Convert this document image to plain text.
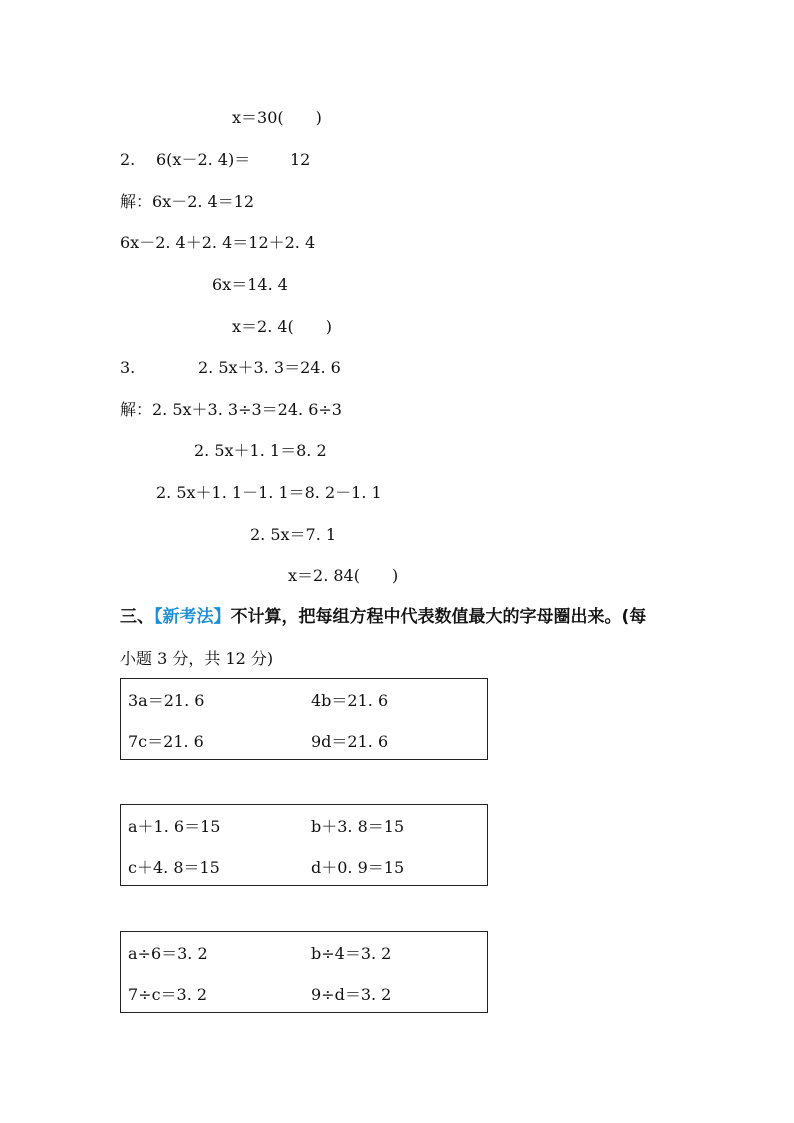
x＝30(　　)
2. 6(x－2. 4)＝ 12
解：6x－2. 4＝12
6x－2. 4＋2. 4＝12＋2. 4
6x＝14. 4
x＝2. 4(　　)
3.	2. 5x＋3. 3＝24. 6
解：2. 5x＋3. 3÷3＝24. 6÷3
2. 5x＋1. 1＝8. 2
2. 5x＋1. 1－1. 1＝8. 2－1. 1
2. 5x＝7. 1
x＝2. 84(　　)
三、【新考法】不计算，把每组方程中代表数值最大的字母圈出来。(每
小题 3 分，共 12 分)
3a＝21. 6	4b＝21. 6
7c＝21. 6	9d＝21. 6
a＋1. 6＝15	b＋3. 8＝15
c＋4. 8＝15	d＋0. 9＝15
a÷6＝3. 2	b÷4＝3. 2
7÷c＝3. 2	9÷d＝3. 2
